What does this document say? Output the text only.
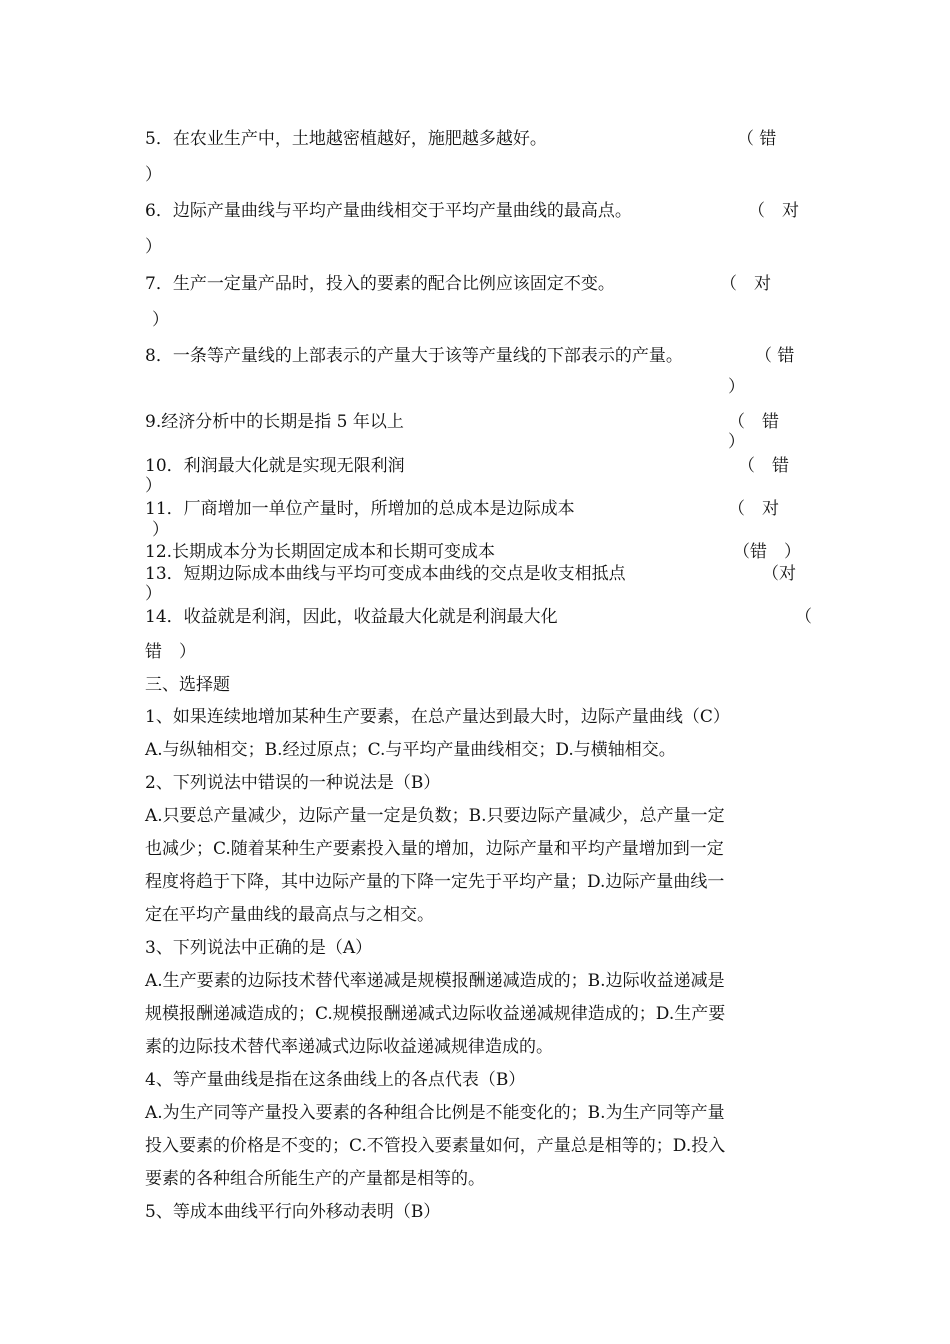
5．在农业生产中，土地越密植越好，施肥越多越好。	（ 错
）
6．边际产量曲线与平均产量曲线相交于平均产量曲线的最高点。	（　对
）
7．生产一定量产品时，投入的要素的配合比例应该固定不变。	（　对
）
8．一条等产量线的上部表示的产量大于该等产量线的下部表示的产量。	（ 错
）
9.经济分析中的长期是指 5 年以上	（　错
）
10．利润最大化就是实现无限利润	（　错
）
11．厂商增加一单位产量时，所增加的总成本是边际成本	（　对
）
12.长期成本分为长期固定成本和长期可变成本	（错　）
13．短期边际成本曲线与平均可变成本曲线的交点是收支相抵点	（对
）
14．收益就是利润，因此，收益最大化就是利润最大化	（
错　）
三、选择题
1、如果连续地增加某种生产要素，在总产量达到最大时，边际产量曲线（C）
A.与纵轴相交；B.经过原点；C.与平均产量曲线相交；D.与横轴相交。
2、下列说法中错误的一种说法是（B）
A.只要总产量减少，边际产量一定是负数；B.只要边际产量减少，总产量一定
也减少；C.随着某种生产要素投入量的增加，边际产量和平均产量增加到一定
程度将趋于下降，其中边际产量的下降一定先于平均产量；D.边际产量曲线一
定在平均产量曲线的最高点与之相交。
3、下列说法中正确的是（A）
A.生产要素的边际技术替代率递减是规模报酬递减造成的；B.边际收益递减是
规模报酬递减造成的；C.规模报酬递减式边际收益递减规律造成的；D.生产要
素的边际技术替代率递减式边际收益递减规律造成的。
4、等产量曲线是指在这条曲线上的各点代表（B）
A.为生产同等产量投入要素的各种组合比例是不能变化的；B.为生产同等产量
投入要素的价格是不变的；C.不管投入要素量如何，产量总是相等的；D.投入
要素的各种组合所能生产的产量都是相等的。
5、等成本曲线平行向外移动表明（B）
